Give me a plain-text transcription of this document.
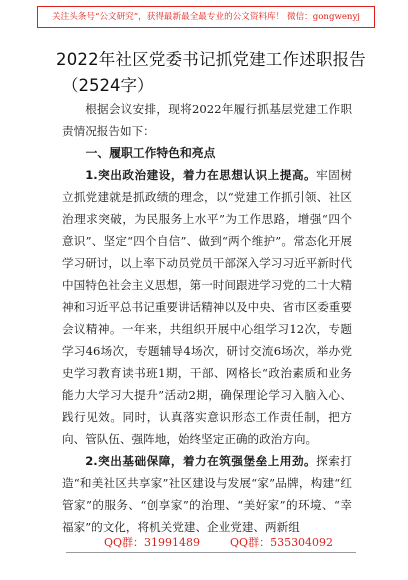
关注头条号“公文研究”，获得最新最全最专业的公文资料库！ 微信：gongwenyj
2022年社区党委书记抓党建工作述职报告
（2524字）

根据会议安排，现将2022年履行抓基层党建工作职责情况报告如下：

一、履职工作特色和亮点

1.突出政治建设，着力在思想认识上提高。牢固树立抓党建就是抓政绩的理念，以“党建工作抓引领、社区治理求突破，为民服务上水平”为工作思路，增强“四个意识”、坚定“四个自信”、做到“两个维护”。常态化开展学习研讨，以上率下动员党员干部深入学习习近平新时代中国特色社会主义思想，第一时间跟进学习党的二十大精神和习近平总书记重要讲话精神以及中央、省市区委重要会议精神。一年来，共组织开展中心组学习12次，专题学习46场次，专题辅导4场次，研讨交流6场次，举办党史学习教育读书班1期，干部、网格长“政治素质和业务能力大学习大提升”活动2期，确保理论学习入脑入心、践行见效。同时，认真落实意识形态工作责任制，把方向、管队伍、强阵地，始终坚定正确的政治方向。

2.突出基础保障，着力在筑强堡垒上用劲。探索打造“和美社区共享家”社区建设与发展“家”品牌，构建“红管家”的服务、“创享家”的治理、“美好家”的环境、“幸福家”的文化，将机关党建、企业党建、两新组

QQ群：31991489	QQ群：535304092
